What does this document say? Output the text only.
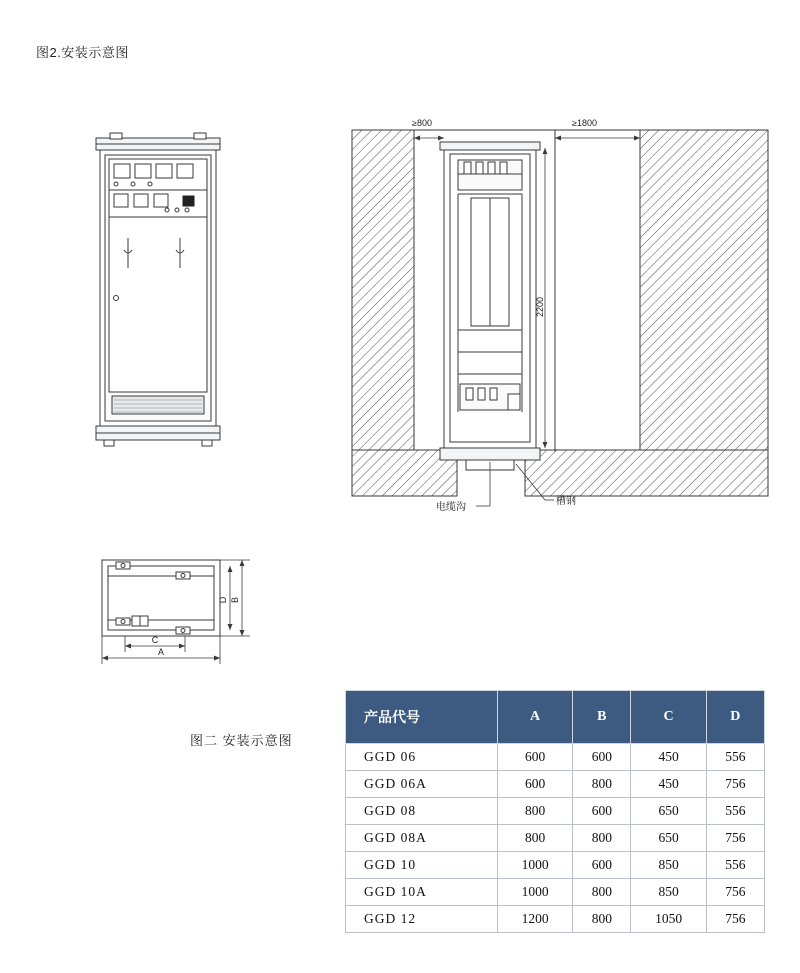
图2.安装示意图
≥800	≥1800
2200
电缆沟
槽钢
D B
C
A
图二 安装示意图
产品代号	A	B	C	D
GGD 06	600	600	450	556
GGD 06A	600	800	450	756
GGD 08	800	600	650	556
GGD 08A	800	800	650	756
GGD 10	1000	600	850	556
GGD 10A	1000	800	850	756
GGD 12	1200	800	1050	756
